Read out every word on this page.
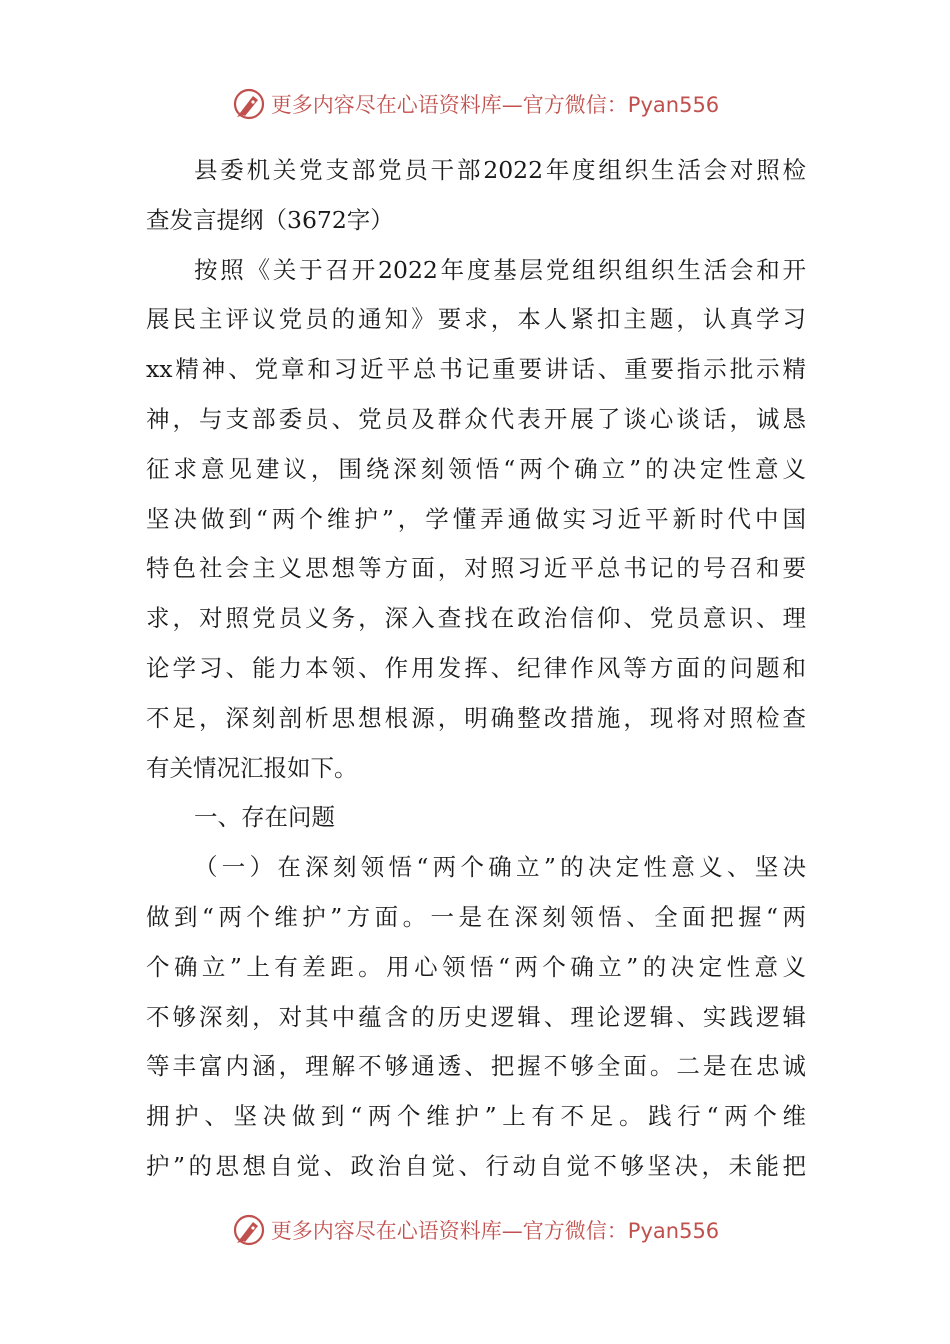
更多内容尽在心语资料库—官方微信：Pyan556
县委机关党支部党员干部2022年度组织生活会对照检
查发言提纲（3672字）
按照《关于召开2022年度基层党组织组织生活会和开
展民主评议党员的通知》要求，本人紧扣主题，认真学习
xx精神、党章和习近平总书记重要讲话、重要指示批示精
神，与支部委员、党员及群众代表开展了谈心谈话，诚恳
征求意见建议，围绕深刻领悟“两个确立”的决定性意义
坚决做到“两个维护”，学懂弄通做实习近平新时代中国
特色社会主义思想等方面，对照习近平总书记的号召和要
求，对照党员义务，深入查找在政治信仰、党员意识、理
论学习、能力本领、作用发挥、纪律作风等方面的问题和
不足，深刻剖析思想根源，明确整改措施，现将对照检查
有关情况汇报如下。
一、存在问题
（一）在深刻领悟“两个确立”的决定性意义、坚决
做到“两个维护”方面。一是在深刻领悟、全面把握“两
个确立”上有差距。用心领悟“两个确立”的决定性意义
不够深刻，对其中蕴含的历史逻辑、理论逻辑、实践逻辑
等丰富内涵，理解不够通透、把握不够全面。二是在忠诚
拥护、坚决做到“两个维护”上有不足。践行“两个维
护”的思想自觉、政治自觉、行动自觉不够坚决，未能把
更多内容尽在心语资料库—官方微信：Pyan556
